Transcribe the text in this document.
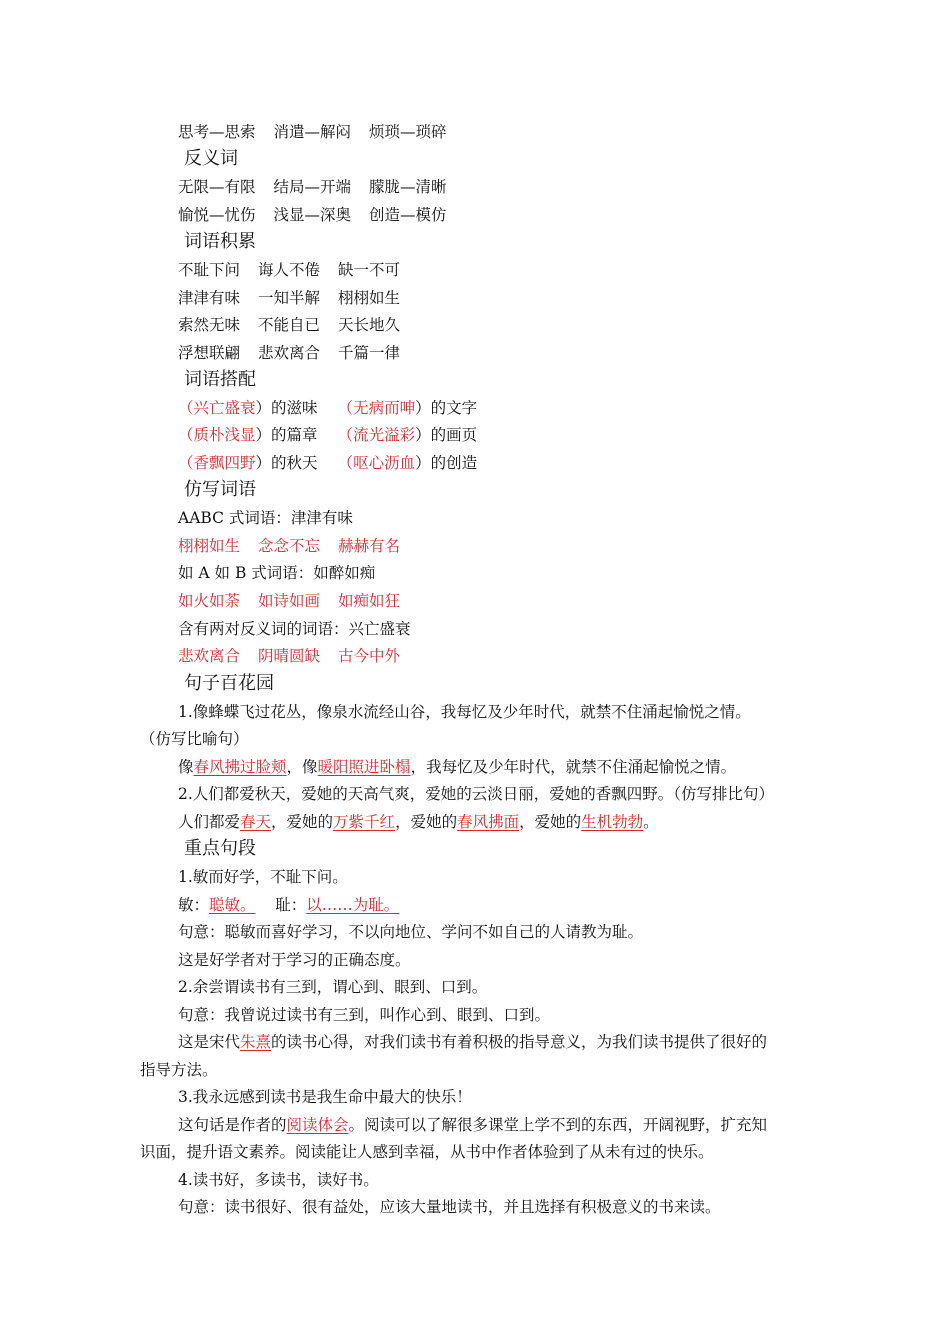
思考—思索 消遣—解闷 烦琐—琐碎
反义词
无限—有限 结局—开端 朦胧—清晰
愉悦—忧伤 浅显—深奥 创造—模仿
词语积累
不耻下问 诲人不倦 缺一不可
津津有味 一知半解 栩栩如生
索然无味 不能自已 天长地久
浮想联翩 悲欢离合 千篇一律
词语搭配
（兴亡盛衰）的滋味 （无病而呻）的文字
（质朴浅显）的篇章 （流光溢彩）的画页
（香飘四野）的秋天 （呕心沥血）的创造
仿写词语
AABC 式词语：津津有味
栩栩如生 念念不忘 赫赫有名
如 A 如 B 式词语：如醉如痴
如火如荼 如诗如画 如痴如狂
含有两对反义词的词语：兴亡盛衰
悲欢离合 阴晴圆缺 古今中外
句子百花园
1.像蜂蝶飞过花丛，像泉水流经山谷，我每忆及少年时代，就禁不住涌起愉悦之情。
（仿写比喻句）
像春风拂过脸颊，像暖阳照进卧榻，我每忆及少年时代，就禁不住涌起愉悦之情。
2.人们都爱秋天，爱她的天高气爽，爱她的云淡日丽，爱她的香飘四野。（仿写排比句）
人们都爱春天，爱她的万紫千红，爱她的春风拂面，爱她的生机勃勃。
重点句段
1.敏而好学，不耻下问。
敏：聪敏。 耻：以……为耻。
句意：聪敏而喜好学习，不以向地位、学问不如自己的人请教为耻。
这是好学者对于学习的正确态度。
2.余尝谓读书有三到，谓心到、眼到、口到。
句意：我曾说过读书有三到，叫作心到、眼到、口到。
这是宋代朱熹的读书心得，对我们读书有着积极的指导意义，为我们读书提供了很好的
指导方法。
3.我永远感到读书是我生命中最大的快乐！
这句话是作者的阅读体会。阅读可以了解很多课堂上学不到的东西，开阔视野，扩充知
识面，提升语文素养。阅读能让人感到幸福，从书中作者体验到了从未有过的快乐。
4.读书好，多读书，读好书。
句意：读书很好、很有益处，应该大量地读书，并且选择有积极意义的书来读。
